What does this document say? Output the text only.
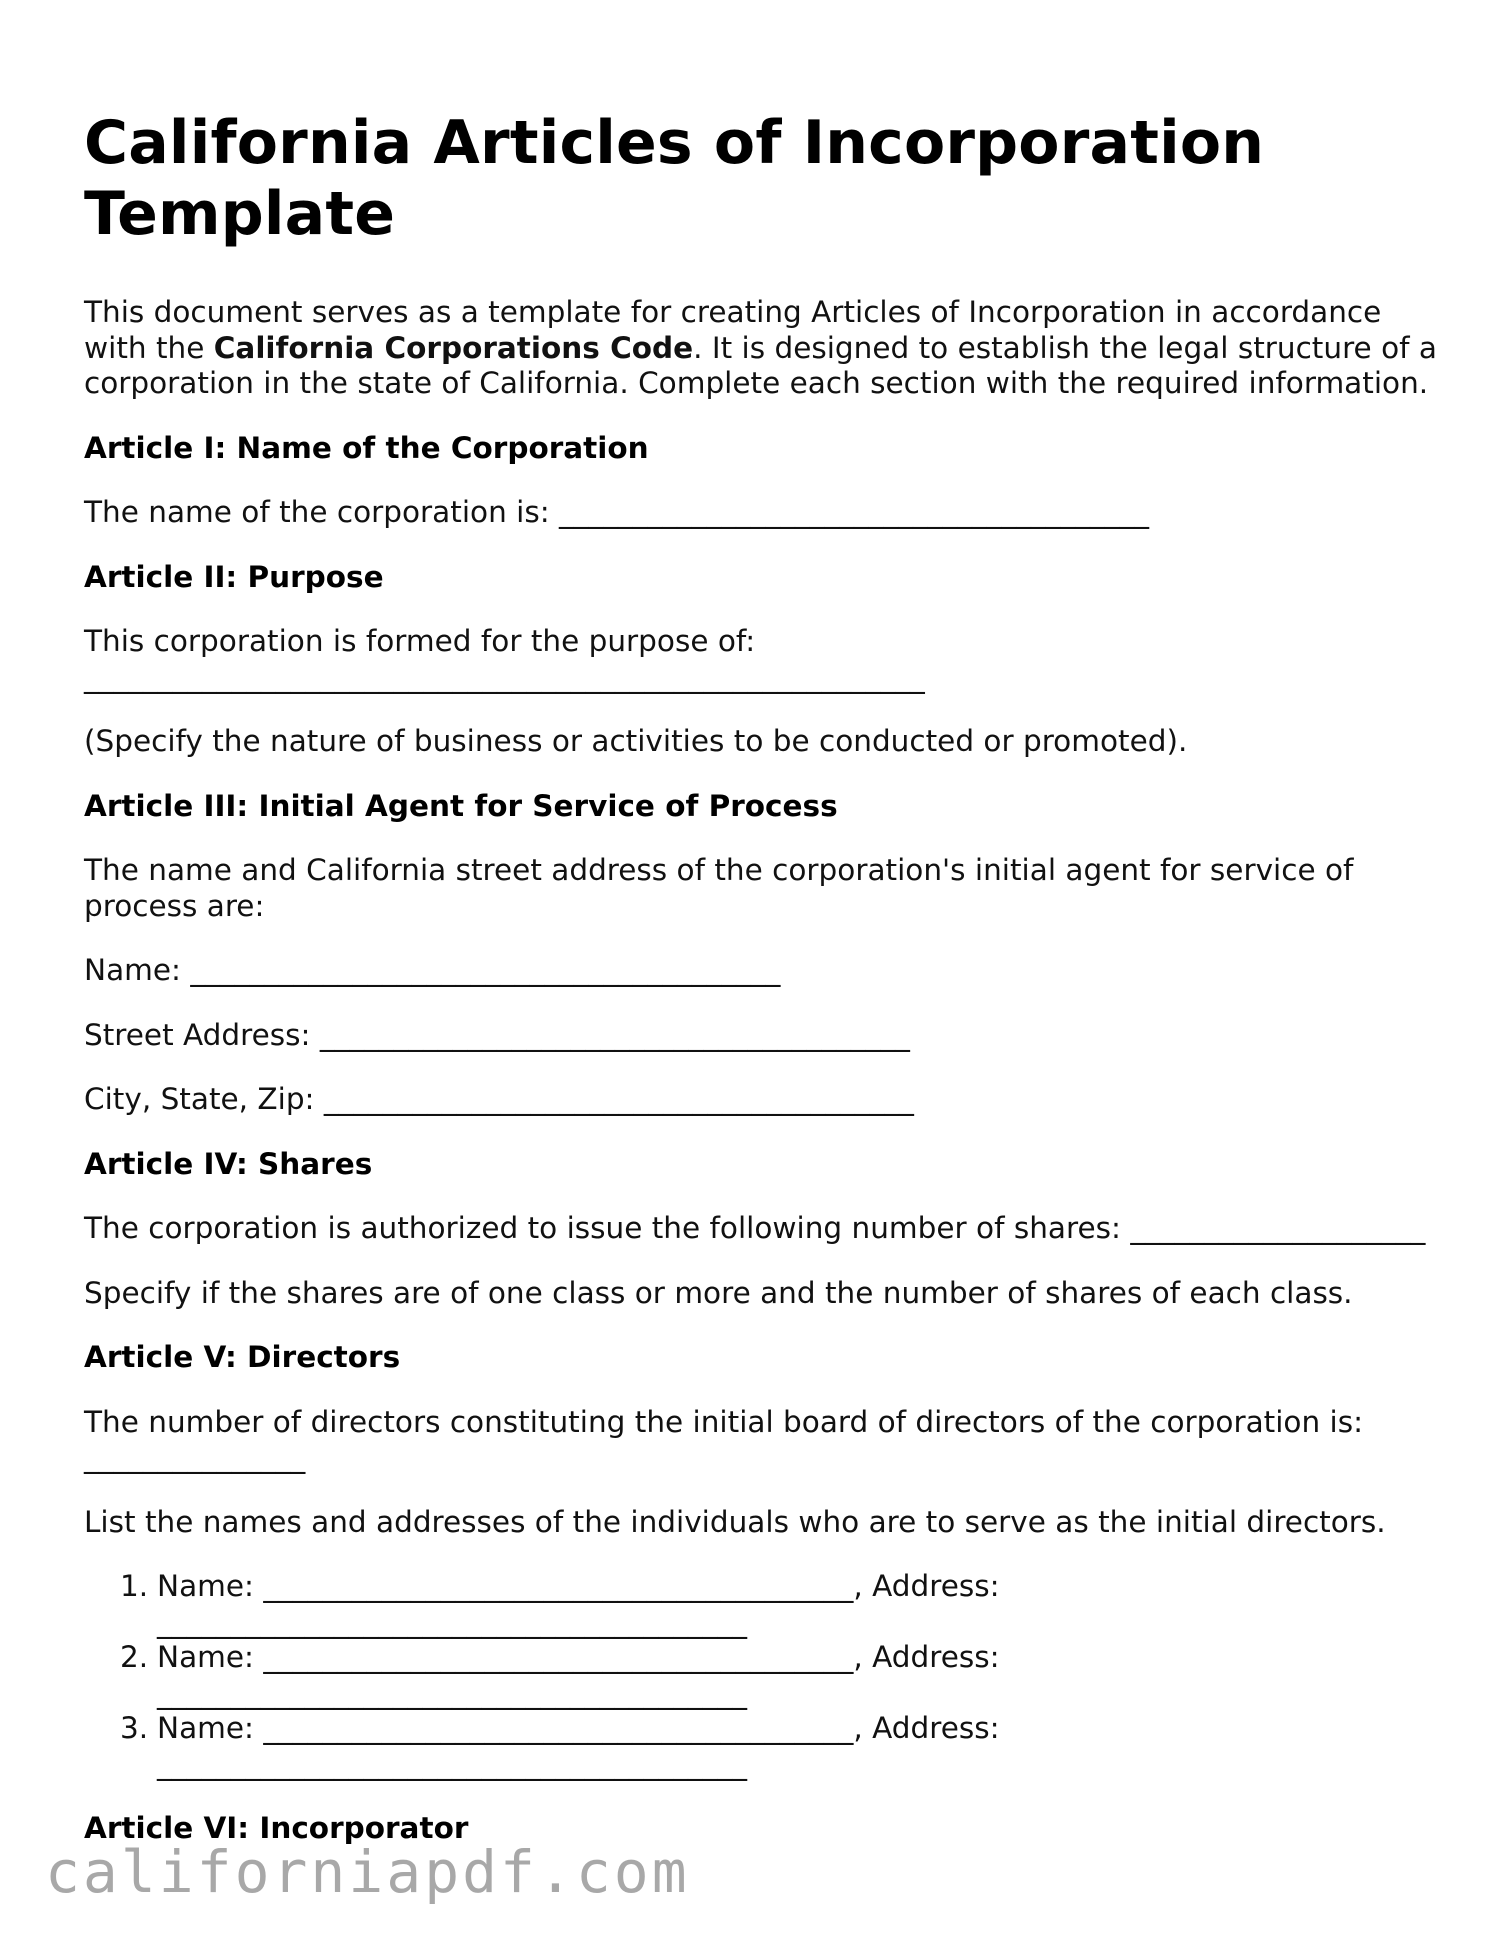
California Articles of Incorporation Template

This document serves as a template for creating Articles of Incorporation in accordance with the California Corporations Code. It is designed to establish the legal structure of a corporation in the state of California. Complete each section with the required information.

Article I: Name of the Corporation

The name of the corporation is: ________________________________________

Article II: Purpose

This corporation is formed for the purpose of: _________________________________________________________

(Specify the nature of business or activities to be conducted or promoted).

Article III: Initial Agent for Service of Process

The name and California street address of the corporation's initial agent for service of process are:

Name: ________________________________________

Street Address: ________________________________________

City, State, Zip: ________________________________________

Article IV: Shares

The corporation is authorized to issue the following number of shares: ____________________

Specify if the shares are of one class or more and the number of shares of each class.

Article V: Directors

The number of directors constituting the initial board of directors of the corporation is: _______________

List the names and addresses of the individuals who are to serve as the initial directors.

1. Name: ________________________________________, Address: ________________________________________
2. Name: ________________________________________, Address: ________________________________________
3. Name: ________________________________________, Address: ________________________________________
Article VI: Incorporator
californiapdf.com
